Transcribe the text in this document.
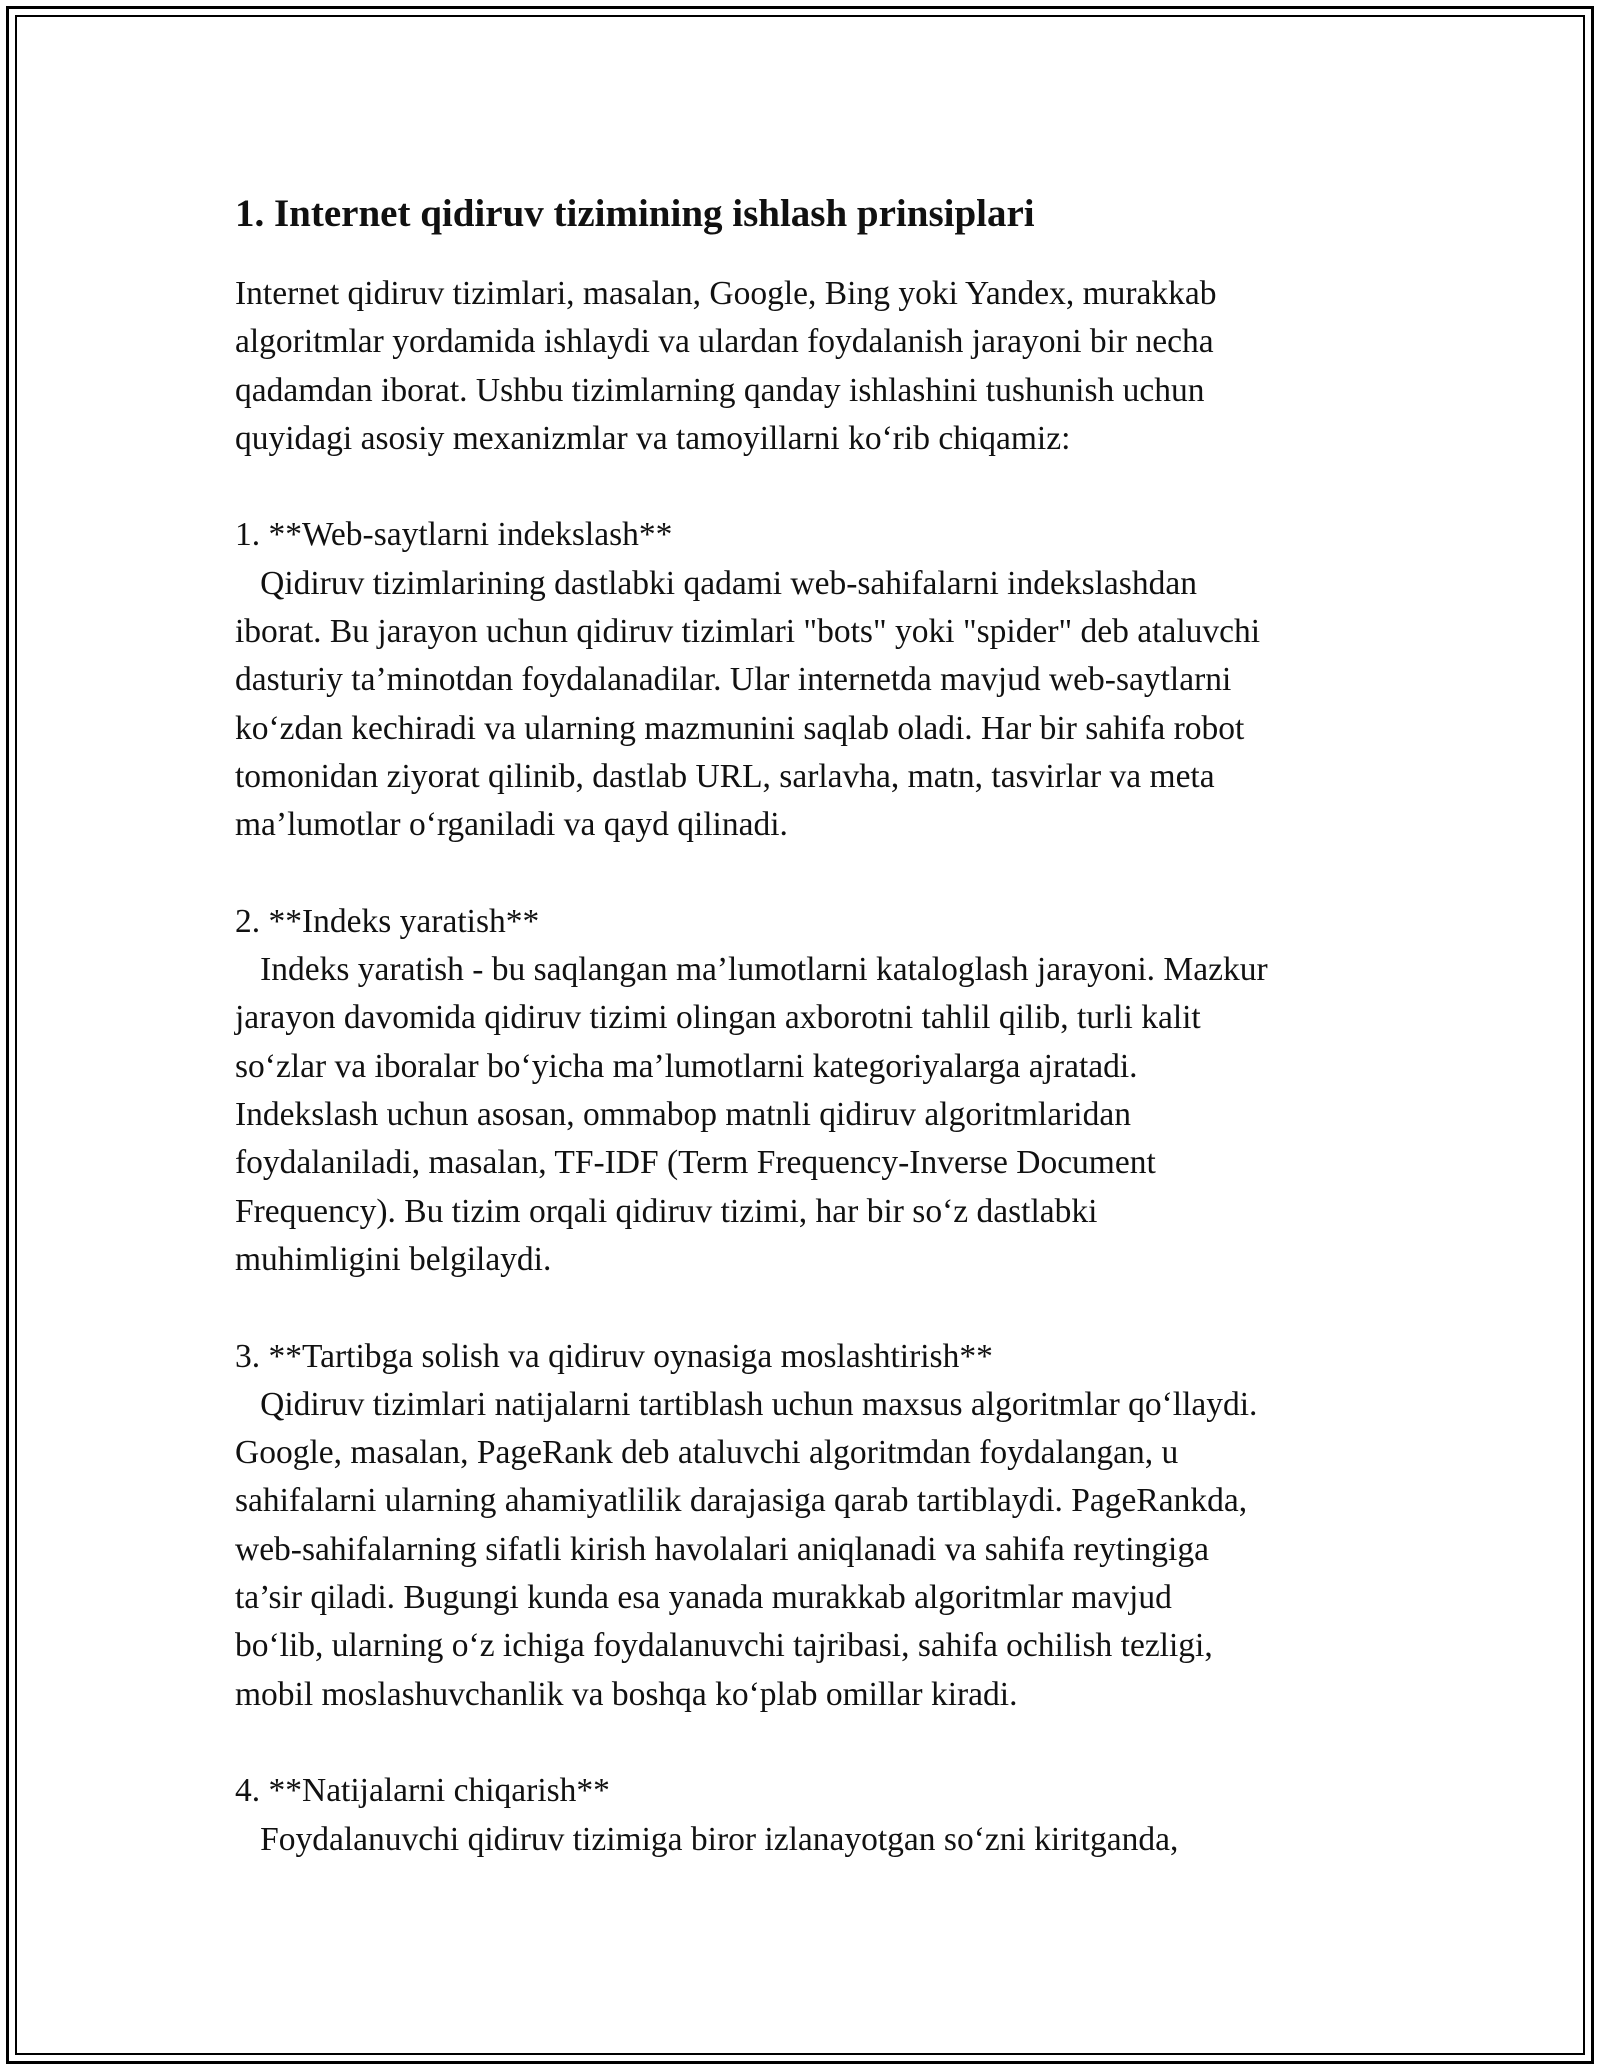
1. Internet qidiruv tizimining ishlash prinsiplari
Internet qidiruv tizimlari, masalan, Google, Bing yoki Yandex, murakkab
algoritmlar yordamida ishlaydi va ulardan foydalanish jarayoni bir necha
qadamdan iborat. Ushbu tizimlarning qanday ishlashini tushunish uchun
quyidagi asosiy mexanizmlar va tamoyillarni ko‘rib chiqamiz:
1. **Web-saytlarni indekslash**
Qidiruv tizimlarining dastlabki qadami web-sahifalarni indekslashdan
iborat. Bu jarayon uchun qidiruv tizimlari "bots" yoki "spider" deb ataluvchi
dasturiy ta’minotdan foydalanadilar. Ular internetda mavjud web-saytlarni
ko‘zdan kechiradi va ularning mazmunini saqlab oladi. Har bir sahifa robot
tomonidan ziyorat qilinib, dastlab URL, sarlavha, matn, tasvirlar va meta
ma’lumotlar o‘rganiladi va qayd qilinadi.
2. **Indeks yaratish**
Indeks yaratish - bu saqlangan ma’lumotlarni kataloglash jarayoni. Mazkur
jarayon davomida qidiruv tizimi olingan axborotni tahlil qilib, turli kalit
so‘zlar va iboralar bo‘yicha ma’lumotlarni kategoriyalarga ajratadi.
Indekslash uchun asosan, ommabop matnli qidiruv algoritmlaridan
foydalaniladi, masalan, TF-IDF (Term Frequency-Inverse Document
Frequency). Bu tizim orqali qidiruv tizimi, har bir so‘z dastlabki
muhimligini belgilaydi.
3. **Tartibga solish va qidiruv oynasiga moslashtirish**
Qidiruv tizimlari natijalarni tartiblash uchun maxsus algoritmlar qo‘llaydi.
Google, masalan, PageRank deb ataluvchi algoritmdan foydalangan, u
sahifalarni ularning ahamiyatlilik darajasiga qarab tartiblaydi. PageRankda,
web-sahifalarning sifatli kirish havolalari aniqlanadi va sahifa reytingiga
ta’sir qiladi. Bugungi kunda esa yanada murakkab algoritmlar mavjud
bo‘lib, ularning o‘z ichiga foydalanuvchi tajribasi, sahifa ochilish tezligi,
mobil moslashuvchanlik va boshqa ko‘plab omillar kiradi.
4. **Natijalarni chiqarish**
Foydalanuvchi qidiruv tizimiga biror izlanayotgan so‘zni kiritganda,
